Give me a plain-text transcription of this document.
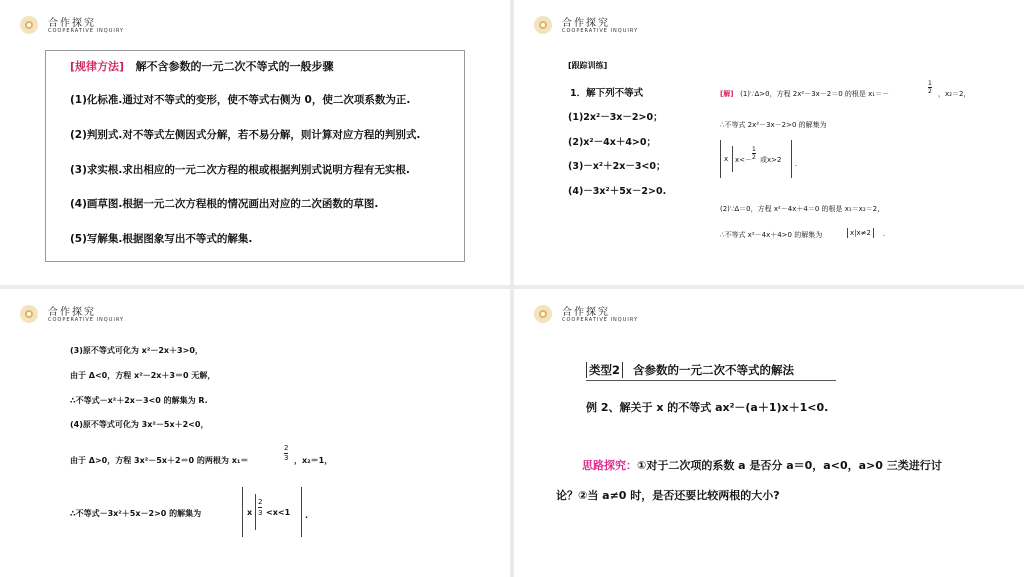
合作探究
COOPERATIVE INQUIRY
[规律方法] 解不含参数的一元二次不等式的一般步骤
(1)化标准.通过对不等式的变形，使不等式右侧为 0，使二次项系数为正.
(2)判别式.对不等式左侧因式分解，若不易分解，则计算对应方程的判别式.
(3)求实根.求出相应的一元二次方程的根或根据判别式说明方程有无实根.
(4)画草图.根据一元二次方程根的情况画出对应的二次函数的草图.
(5)写解集.根据图象写出不等式的解集.
合作探究
COOPERATIVE INQUIRY
[跟踪训练]
1．解下列不等式
(1)2x²－3x－2>0；
(2)x²－4x＋4>0；
(3)－x²＋2x－3<0；
(4)－3x²＋5x－2>0.
[解] (1)∵Δ>0，方程 2x²－3x－2＝0 的根是 x₁＝－	$\frac{1}{2}$ ，x₂＝2，
∴不等式 2x²－3x－2>0 的解集为
x $x<- \frac{1}{2}$ 或x>2 .
(2)∵Δ＝0，方程 x²－4x＋4＝0 的根是 x₁＝x₂＝2，
∴不等式 x²－4x＋4>0 的解集为	x|x≠2	.
合作探究
COOPERATIVE INQUIRY
(3)原不等式可化为 x²－2x＋3>0，
由于 Δ<0，方程 x²－2x＋3＝0 无解，
∴不等式－x²＋2x－3<0 的解集为 R.
(4)原不等式可化为 3x²－5x＋2<0，
由于 Δ>0，方程 3x²－5x＋2＝0 的两根为 x₁＝	$\frac{2}{3}$ ，x₂＝1，
∴不等式－3x²＋5x－2>0 的解集为	x $\frac{2}{3} <x<1$ .
合作探究
COOPERATIVE INQUIRY
类型2 含参数的一元二次不等式的解法
例 2、解关于 x 的不等式 ax²－(a＋1)x＋1<0.
思路探究：①对于二次项的系数 a 是否分 a＝0，a<0，a>0 三类进行讨
论？②当 a≠0 时，是否还要比较两根的大小?
